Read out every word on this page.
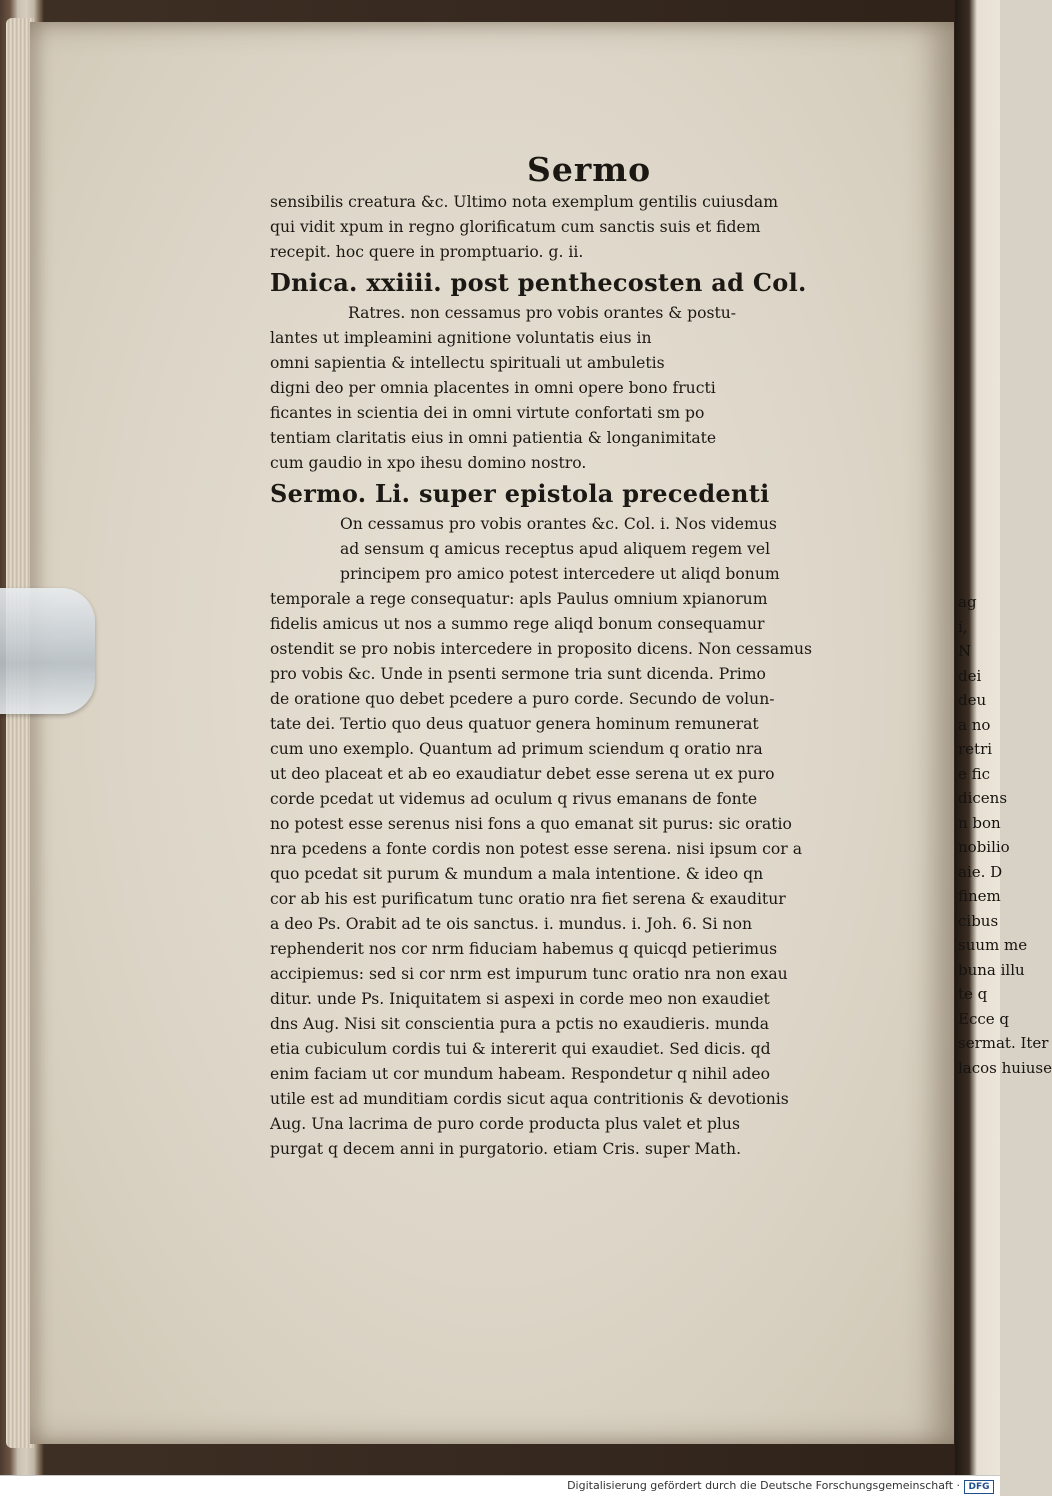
ag
i,
N
dei
deu
a no
retri
e fic
dicens
n bon
nobilio
aie. D
finem
cibus
suum me
buna illu
te q
Ecce q
sermat. Iter
lacos huiuse
Sermo
sensibilis creatura &c. Ultimo nota exemplum gentilis cuiusdam
qui vidit xpum in regno glorificatum cum sanctis suis et fidem
recepit. hoc quere in promptuario. g. ii.
Dnica. xxiiii. post penthecosten ad Col.
Ratres. non cessamus pro vobis orantes & postu-
lantes ut impleamini agnitione voluntatis eius in
omni sapientia & intellectu spirituali ut ambuletis
digni deo per omnia placentes in omni opere bono fructi
ficantes in scientia dei in omni virtute confortati sm po
tentiam claritatis eius in omni patientia & longanimitate
cum gaudio in xpo ihesu domino nostro.
Sermo. Li. super epistola precedenti
On cessamus pro vobis orantes &c. Col. i. Nos videmus
ad sensum q amicus receptus apud aliquem regem vel
principem pro amico potest intercedere ut aliqd bonum
temporale a rege consequatur: apls Paulus omnium xpianorum
fidelis amicus ut nos a summo rege aliqd bonum consequamur
ostendit se pro nobis intercedere in proposito dicens. Non cessamus
pro vobis &c. Unde in psenti sermone tria sunt dicenda. Primo
de oratione quo debet pcedere a puro corde. Secundo de volun-
tate dei. Tertio quo deus quatuor genera hominum remunerat
cum uno exemplo. Quantum ad primum sciendum q oratio nra
ut deo placeat et ab eo exaudiatur debet esse serena ut ex puro
corde pcedat ut videmus ad oculum q rivus emanans de fonte
no potest esse serenus nisi fons a quo emanat sit purus: sic oratio
nra pcedens a fonte cordis non potest esse serena. nisi ipsum cor a
quo pcedat sit purum & mundum a mala intentione. & ideo qn
cor ab his est purificatum tunc oratio nra fiet serena & exauditur
a deo Ps. Orabit ad te ois sanctus. i. mundus. i. Joh. 6. Si non
rephenderit nos cor nrm fiduciam habemus q quicqd petierimus
accipiemus: sed si cor nrm est impurum tunc oratio nra non exau
ditur. unde Ps. Iniquitatem si aspexi in corde meo non exaudiet
dns Aug. Nisi sit conscientia pura a pctis no exaudieris. munda
etia cubiculum cordis tui & intererit qui exaudiet. Sed dicis. qd
enim faciam ut cor mundum habeam. Respondetur q nihil adeo
utile est ad munditiam cordis sicut aqua contritionis & devotionis
Aug. Una lacrima de puro corde producta plus valet et plus
purgat q decem anni in purgatorio. etiam Cris. super Math.
Digitalisierung gefördert durch die Deutsche Forschungsgemeinschaft · DFG
